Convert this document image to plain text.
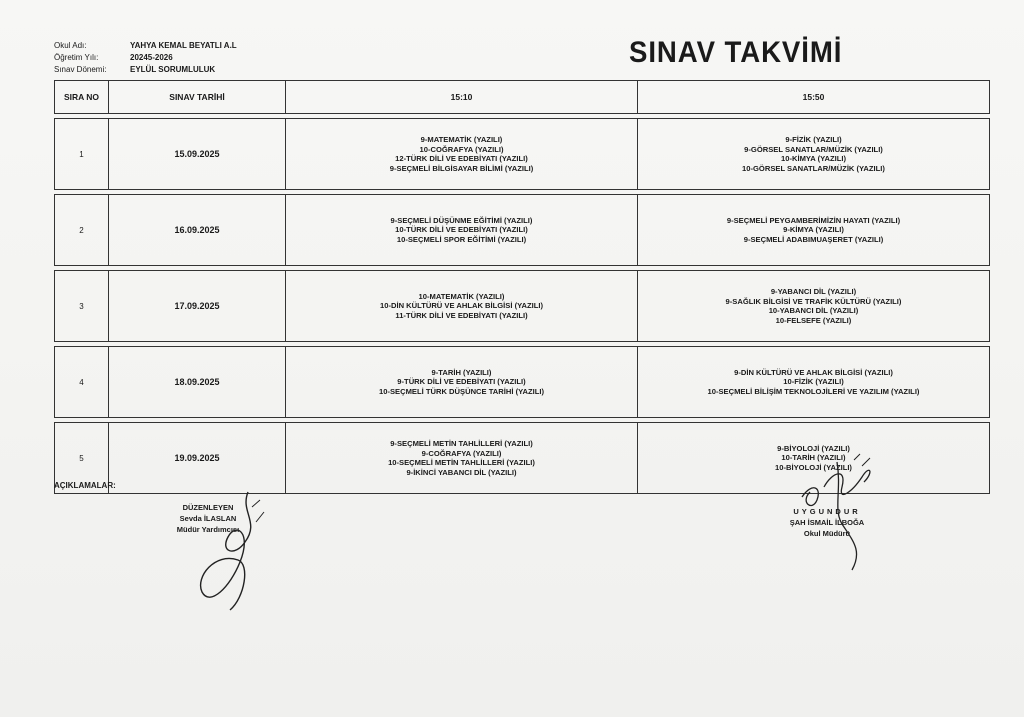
Okul Adı:	YAHYA KEMAL BEYATLI A.L
Öğretim Yılı:	20245-2026
Sınav Dönemi:	EYLÜL SORUMLULUK
SINAV TAKVİMİ
SIRA NO	SINAV TARİHİ	15:10	15:50

1	15.09.2025	9-MATEMATİK (YAZILI)
10-COĞRAFYA (YAZILI)
12-TÜRK DİLİ VE EDEBİYATI (YAZILI)
9-SEÇMELİ BİLGİSAYAR BİLİMİ (YAZILI)	9-FİZİK (YAZILI)
9-GÖRSEL SANATLAR/MÜZİK (YAZILI)
10-KİMYA (YAZILI)
10-GÖRSEL SANATLAR/MÜZİK (YAZILI)

2	16.09.2025	9-SEÇMELİ DÜŞÜNME EĞİTİMİ (YAZILI)
10-TÜRK DİLİ VE EDEBİYATI (YAZILI)
10-SEÇMELİ SPOR EĞİTİMİ (YAZILI)	9-SEÇMELİ PEYGAMBERİMİZİN HAYATI (YAZILI)
9-KİMYA (YAZILI)
9-SEÇMELİ ADABIMUAŞERET (YAZILI)

3	17.09.2025	10-MATEMATİK (YAZILI)
10-DİN KÜLTÜRÜ VE AHLAK BİLGİSİ (YAZILI)
11-TÜRK DİLİ VE EDEBİYATI (YAZILI)	9-YABANCI DİL (YAZILI)
9-SAĞLIK BİLGİSİ VE TRAFİK KÜLTÜRÜ (YAZILI)
10-YABANCI DİL (YAZILI)
10-FELSEFE (YAZILI)

4	18.09.2025	9-TARİH (YAZILI)
9-TÜRK DİLİ VE EDEBİYATI (YAZILI)
10-SEÇMELİ TÜRK DÜŞÜNCE TARİHİ (YAZILI)	9-DİN KÜLTÜRÜ VE AHLAK BİLGİSİ (YAZILI)
10-FİZİK (YAZILI)
10-SEÇMELİ BİLİŞİM TEKNOLOJİLERİ VE YAZILIM (YAZILI)

5	19.09.2025	9-SEÇMELİ METİN TAHLİLLERİ (YAZILI)
9-COĞRAFYA (YAZILI)
10-SEÇMELİ METİN TAHLİLLERİ (YAZILI)
9-İKİNCİ YABANCI DİL (YAZILI)	9-BİYOLOJİ (YAZILI)
10-TARİH (YAZILI)
10-BİYOLOJİ (YAZILI)
AÇIKLAMALAR:
DÜZENLEYEN
Sevda İLASLAN
Müdür Yardımcısı
UYGUNDUR
ŞAH İSMAİL İLBOĞA
Okul Müdürü
